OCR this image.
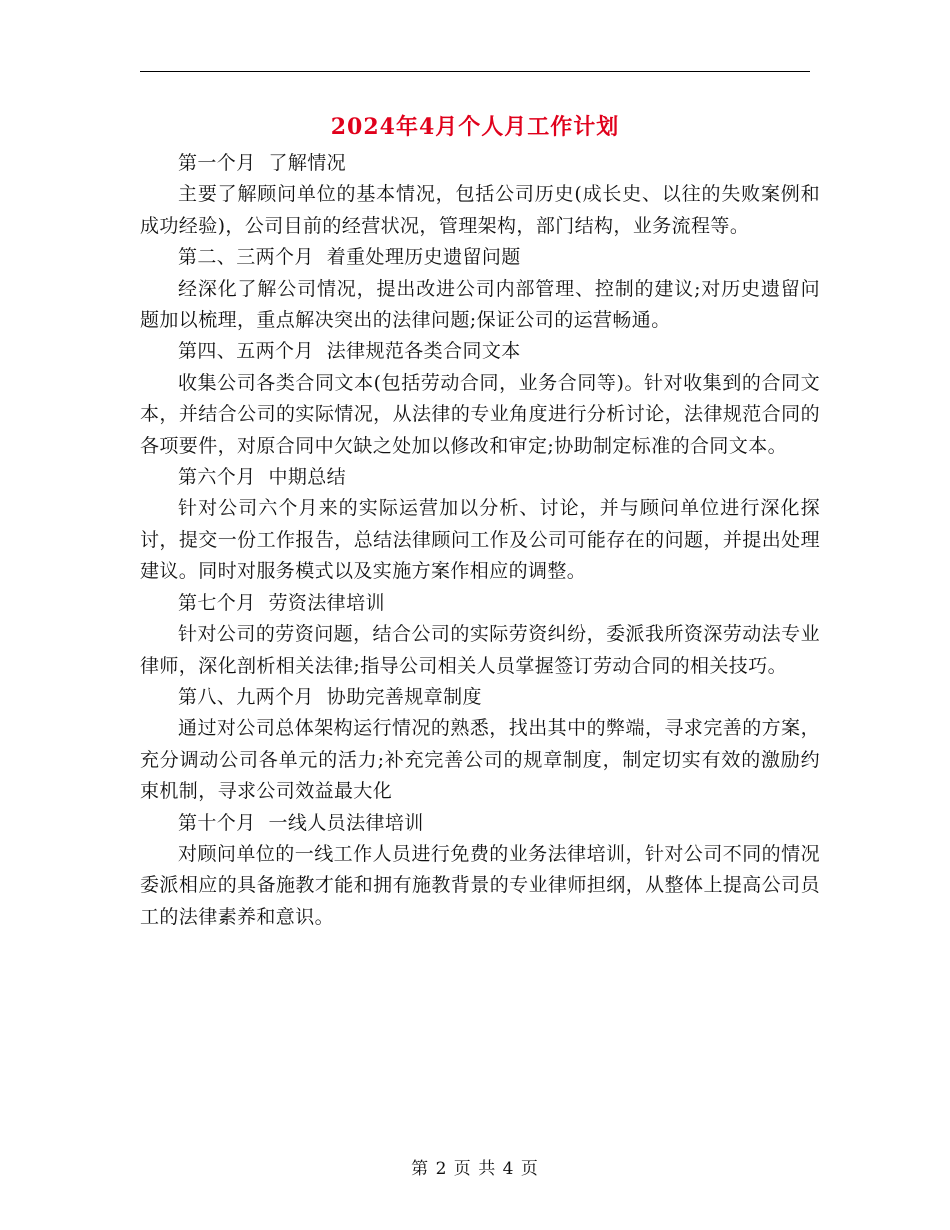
2024年4月个人月工作计划

第一个月  了解情况

主要了解顾问单位的基本情况，包括公司历史(成长史、以往的失败案例和成功经验)，公司目前的经营状况，管理架构，部门结构，业务流程等。

第二、三两个月  着重处理历史遗留问题

经深化了解公司情况，提出改进公司内部管理、控制的建议;对历史遗留问题加以梳理，重点解决突出的法律问题;保证公司的运营畅通。

第四、五两个月  法律规范各类合同文本

收集公司各类合同文本(包括劳动合同，业务合同等)。针对收集到的合同文本，并结合公司的实际情况，从法律的专业角度进行分析讨论，法律规范合同的各项要件，对原合同中欠缺之处加以修改和审定;协助制定标准的合同文本。

第六个月  中期总结

针对公司六个月来的实际运营加以分析、讨论，并与顾问单位进行深化探讨，提交一份工作报告，总结法律顾问工作及公司可能存在的问题，并提出处理建议。同时对服务模式以及实施方案作相应的调整。

第七个月  劳资法律培训

针对公司的劳资问题，结合公司的实际劳资纠纷，委派我所资深劳动法专业律师，深化剖析相关法律;指导公司相关人员掌握签订劳动合同的相关技巧。

第八、九两个月  协助完善规章制度

通过对公司总体架构运行情况的熟悉，找出其中的弊端，寻求完善的方案，充分调动公司各单元的活力;补充完善公司的规章制度，制定切实有效的激励约束机制，寻求公司效益最大化

第十个月  一线人员法律培训

对顾问单位的一线工作人员进行免费的业务法律培训，针对公司不同的情况委派相应的具备施教才能和拥有施教背景的专业律师担纲，从整体上提高公司员工的法律素养和意识。

第 2 页 共 4 页
